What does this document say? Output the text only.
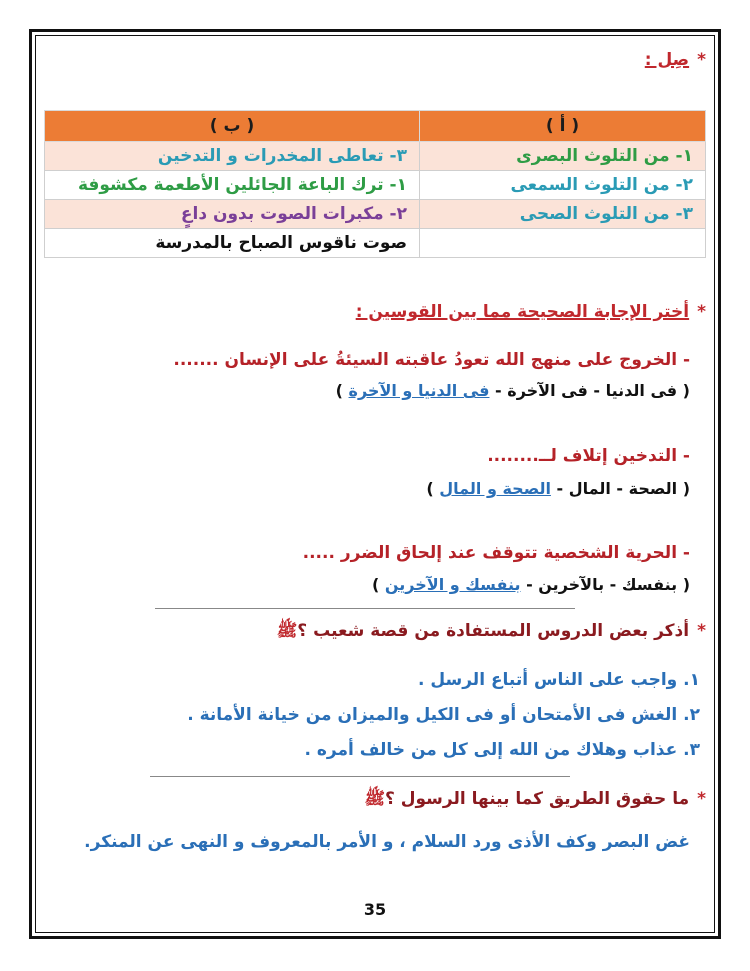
*صِل :
( أ )	( ب )
١- من التلوث البصرى	٣- تعاطى المخدرات و التدخين
٢- من التلوث السمعى	١- ترك الباعة الجائلين الأطعمة مكشوفة
٣- من التلوث الصحى	٢- مكبرات الصوت بدون داعٍ
	صوت ناقوس الصباح بالمدرسة
*أختر الإجابة الصحيحة مما بين القوسين :
- الخروج على منهج الله تعودُ عاقبته السيئةُ على الإنسان .......
( فى الدنيا - فى الآخرة - فى الدنيا و الآخرة )
- التدخين إتلاف لــ........
( الصحة - المال - الصحة و المال )
- الحرية الشخصية تتوقف عند إلحاق الضرر .....
( بنفسك - بالآخرين - بنفسك و الآخرين )
*أذكر بعض الدروس المستفادة من قصة شعيب ؟ﷺ
١. واجب على الناس أتباع الرسل .
٢. الغش فى الأمتحان أو فى الكيل والميزان من خيانة الأمانة .
٣. عذاب وهلاك من الله إلى كل من خالف أمره .
*ما حقوق الطريق كما بينها الرسول ؟ﷺ
غض البصر وكف الأذى ورد السلام ، و الأمر بالمعروف و النهى عن المنكر.
35
